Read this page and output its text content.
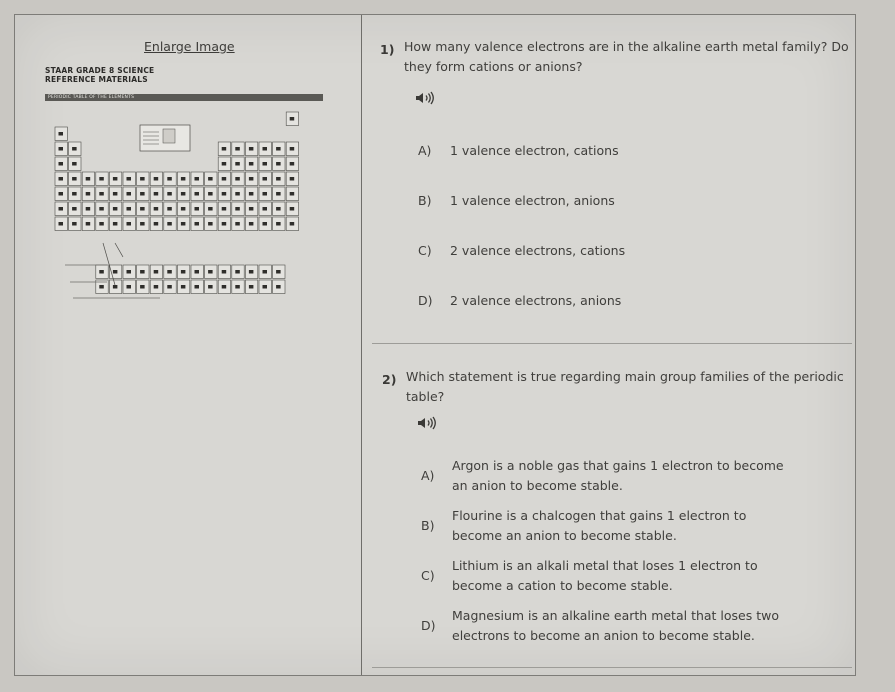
Enlarge Image
STAAR GRADE 8 SCIENCE
REFERENCE MATERIALS
PERIODIC TABLE OF THE ELEMENTS
1) How many valence electrons are in the alkaline earth metal family? Do
they form cations or anions?
A) 1 valence electron, cations
B) 1 valence electron, anions
C) 2 valence electrons, cations
D) 2 valence electrons, anions
2) Which statement is true regarding main group families of the periodic
table?
A)
Argon is a noble gas that gains 1 electron to become
an anion to become stable.
B)
Flourine is a chalcogen that gains 1 electron to
become an anion to become stable.
C)
Lithium is an alkali metal that loses 1 electron to
become a cation to become stable.
D)
Magnesium is an alkaline earth metal that loses two
electrons to become an anion to become stable.
